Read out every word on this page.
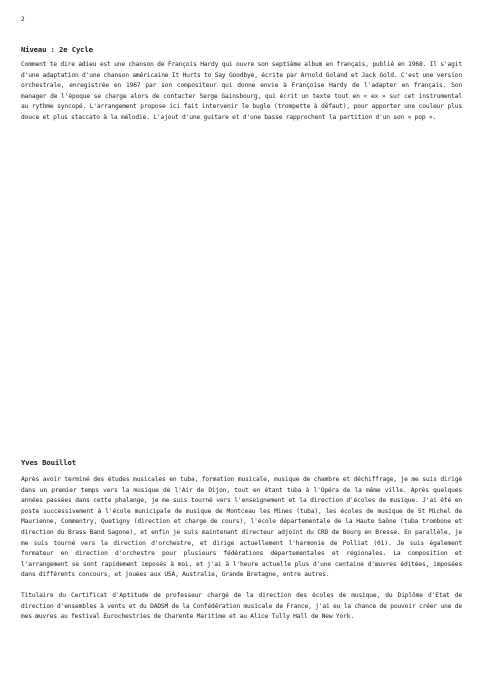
2
Niveau : 2e Cycle

Comment te dire adieu est une chanson de François Hardy qui ouvre son septième album en français, publié en 1968. Il s'agit d'une adaptation d'une chanson américaine It Hurts to Say Goodbye, écrite par Arnold Goland et Jack Gold. C'est une version orchestrale, enregistrée en 1967 par son compositeur qui donne envie à Françoise Hardy de l'adapter en français. Son manager de l'époque se charge alors de contacter Serge Gainsbourg, qui écrit un texte tout en « ex » sur cet instrumental au rythme syncopé. L'arrangement propose ici fait intervenir le bugle (trompette à défaut), pour apporter une couleur plus douce et plus staccato à la mélodie. L'ajout d'une guitare et d'une basse rapprochent la partition d'un son « pop ».

Yves Bouillot

Après avoir terminé des études musicales en tuba, formation musicale, musique de chambre et déchiffrage, je me suis dirigé dans un premier temps vers la musique de l'Air de Dijon, tout en étant tuba à l'Opéra de la même ville. Après quelques années passées dans cette phalange, je me suis tourné vers l'enseignement et la direction d'écoles de musique. J'ai été en poste successivement à l'école municipale de musique de Montceau les Mines (tuba), les écoles de musique de St Michel de Maurienne, Commentry, Quetigny (direction et charge de cours), l'école départementale de la Haute Saône (tuba trombone et direction du Brass Band Sagone), et enfin je suis maintenant directeur adjoint du CRD de Bourg en Bresse. En parallèle, je me suis tourné vers la direction d'orchestre, et dirige actuellement l'harmonie de Polliat (01). Je suis également formateur en direction d'orchestre pour plusieurs fédérations départementales et régionales. La composition et l'arrangement se sont rapidement imposés à moi, et j'ai à l'heure actuelle plus d'une centaine d'œuvres éditées, imposées dans différents concours, et jouées aux USA, Australie, Grande Bretagne, entre autres.

Titulaire du Certificat d'Aptitude de professeur chargé de la direction des écoles de musique, du Diplôme d'Etat de direction d'ensembles à vents et du DADSM de la Confédération musicale de France, j'ai eu la chance de pouvoir créer une de mes œuvres au festival Eurochestries de Charente Maritime et au Alice Tully Hall de New York.
